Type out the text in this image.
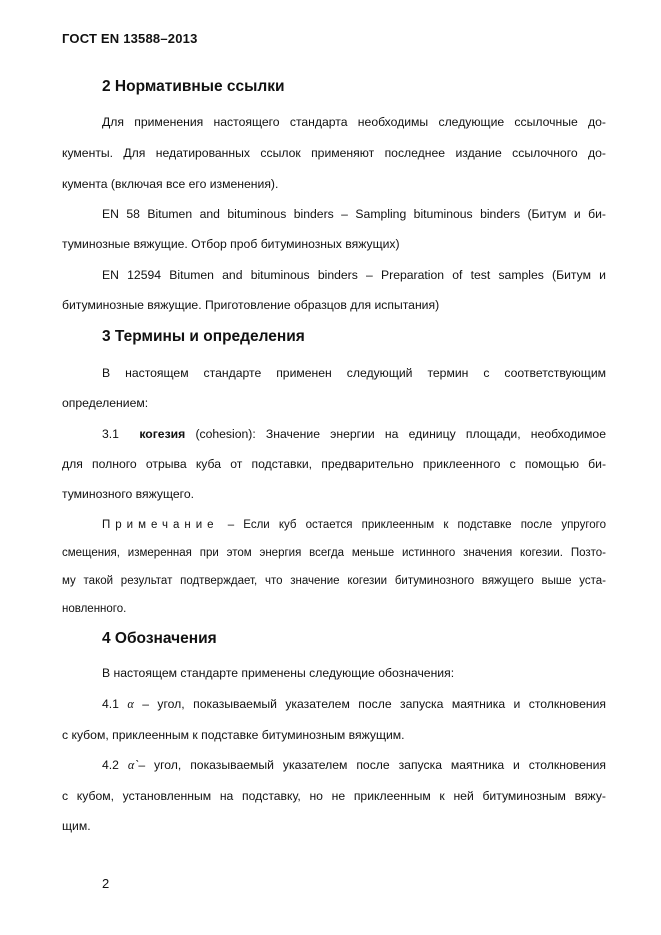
ГОСТ EN 13588–2013
2 Нормативные ссылки
Для применения настоящего стандарта необходимы следующие ссылочные до-
кументы. Для недатированных ссылок применяют последнее издание ссылочного до-
кумента (включая все его изменения).
EN 58 Bitumen and bituminous binders – Sampling bituminous binders (Битум и би-
туминозные вяжущие. Отбор проб битуминозных вяжущих)
EN 12594 Bitumen and bituminous binders – Preparation of test samples (Битум и
битуминозные вяжущие. Приготовление образцов для испытания)
3 Термины и определения
В настоящем стандарте применен следующий термин с соответствующим
определением:
3.1 когезия (cohesion): Значение энергии на единицу площади, необходимое
для полного отрыва куба от подставки, предварительно приклеенного с помощью би-
туминозного вяжущего.
Примечание – Если куб остается приклеенным к подставке после упругого
смещения, измеренная при этом энергия всегда меньше истинного значения когезии. Позто-
му такой результат подтверждает, что значение когезии битуминозного вяжущего выше уста-
новленного.
4 Обозначения
В настоящем стандарте применены следующие обозначения:
4.1 α – угол, показываемый указателем после запуска маятника и столкновения
с кубом, приклеенным к подставке битуминозным вяжущим.
4.2 α`– угол, показываемый указателем после запуска маятника и столкновения
с кубом, установленным на подставку, но не приклеенным к ней битуминозным вяжу-
щим.
2
